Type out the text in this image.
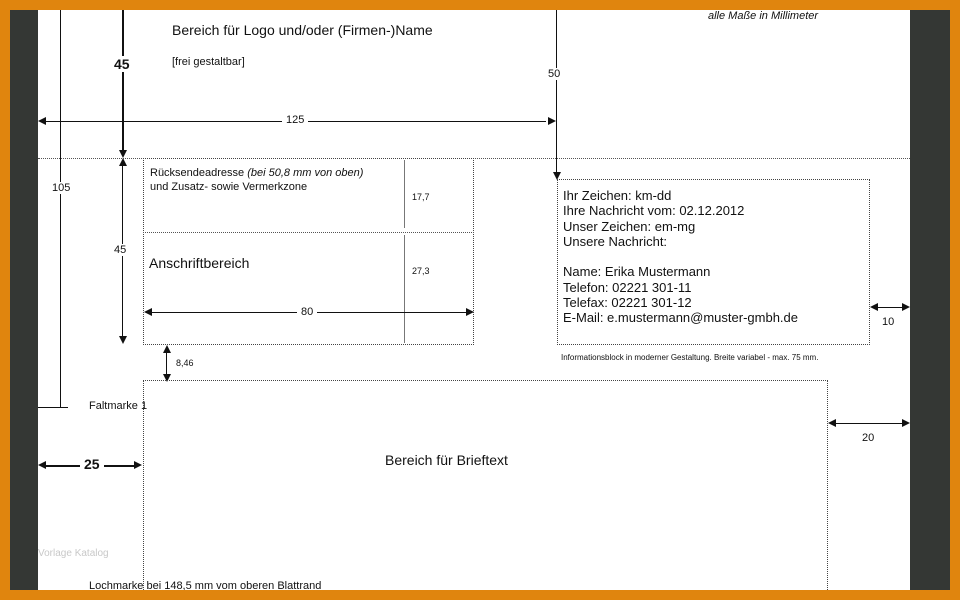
alle Maße in Millimeter
Bereich für Logo und/oder (Firmen-)Name
[frei gestaltbar]
45
50
125
105
45
Rücksendeadresse (bei 50,8 mm von oben)
und Zusatz- sowie Vermerkzone
Anschriftbereich
17,7
27,3
80
8,46
Ihr Zeichen: km-dd
Ihre Nachricht vom: 02.12.2012
Unser Zeichen: em-mg
Unsere Nachricht:

Name: Erika Mustermann
Telefon: 02221 301-11
Telefax: 02221 301-12
E-Mail: e.mustermann@muster-gmbh.de
Informationsblock in moderner Gestaltung. Breite variabel - max. 75 mm.
10
Faltmarke 1
Bereich für Brieftext
20
25
Vorlage Katalog
Lochmarke bei 148,5 mm vom oberen Blattrand
